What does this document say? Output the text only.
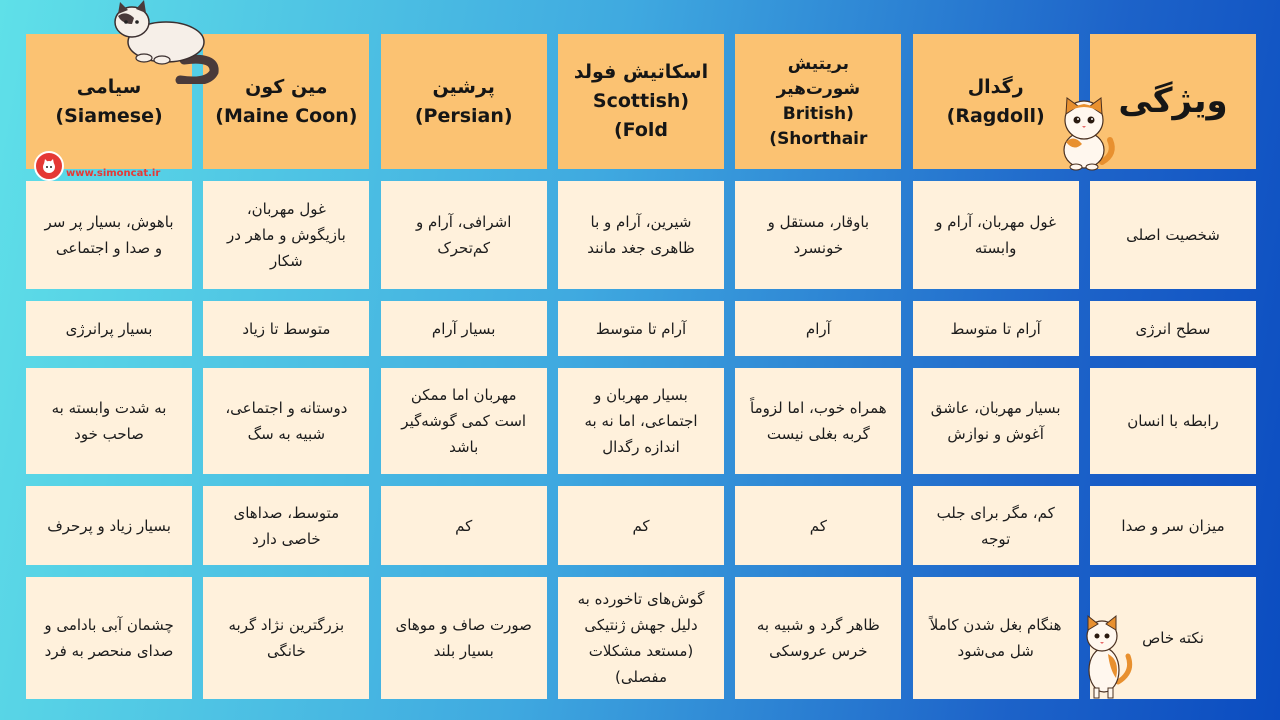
ویژگی
رگدال
(Ragdoll)
بریتیش شورت‌هیر
(British Shorthair)
اسکاتیش فولد
(Scottish Fold)
پرشین
(Persian)
مین کون
(Maine Coon)
سیامی
(Siamese)
شخصیت اصلی
غول مهربان، آرام و وابسته
باوقار، مستقل و خونسرد
شیرین، آرام و با ظاهری جغد مانند
اشرافی، آرام و کم‌تحرک
غول مهربان، بازیگوش و ماهر در شکار
باهوش، بسیار پر سر و صدا و اجتماعی
سطح انرژی
آرام تا متوسط
آرام
آرام تا متوسط
بسیار آرام
متوسط تا زیاد
بسیار پرانرژی
رابطه با انسان
بسیار مهربان، عاشق آغوش و نوازش
همراه خوب، اما لزوماً گربه بغلی نیست
بسیار مهربان و اجتماعی، اما نه به اندازه رگدال
مهربان اما ممکن است کمی گوشه‌گیر باشد
دوستانه و اجتماعی، شبیه به سگ
به شدت وابسته به صاحب خود
میزان سر و صدا
کم، مگر برای جلب توجه
کم
کم
کم
متوسط، صداهای خاصی دارد
بسیار زیاد و پرحرف
نکته خاص
هنگام بغل شدن کاملاً شل می‌شود
ظاهر گرد و شبیه به خرس عروسکی
گوش‌های تاخورده به دلیل جهش ژنتیکی (مستعد مشکلات مفصلی)
صورت صاف و موهای بسیار بلند
بزرگترین نژاد گربه خانگی
چشمان آبی بادامی و صدای منحصر به فرد
www.simoncat.ir
